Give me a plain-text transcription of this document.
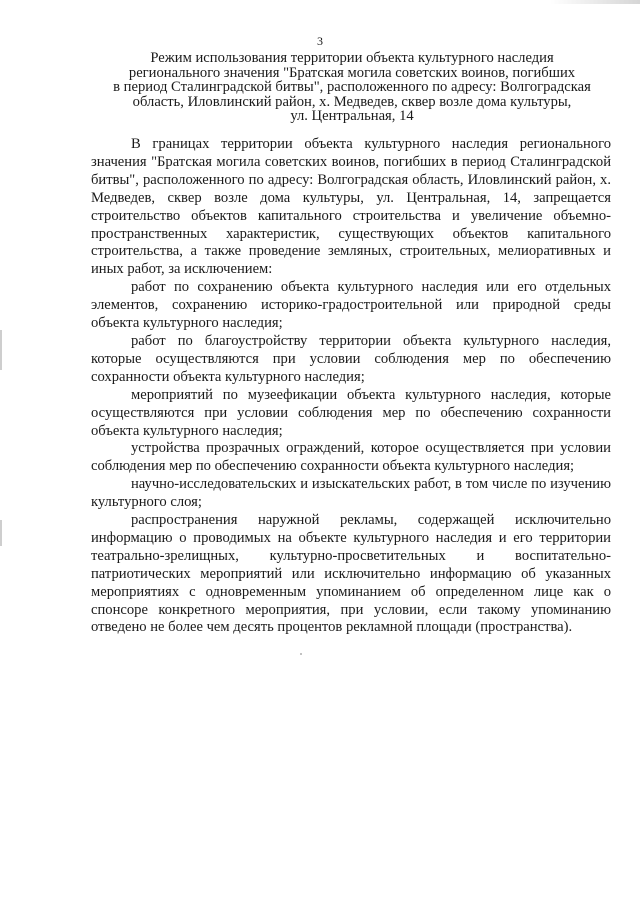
3
Режим использования территории объекта культурного наследия
регионального значения "Братская могила советских воинов, погибших
в период Сталинградской битвы", расположенного по адресу: Волгоградская
область, Иловлинский район, х. Медведев, сквер возле дома культуры,
ул. Центральная, 14

В границах территории объекта культурного наследия регионального значения "Братская могила советских воинов, погибших в период Сталинградской битвы", расположенного по адресу: Волгоградская область, Иловлинский район, х. Медведев, сквер возле дома культуры, ул. Центральная, 14, запрещается строительство объектов капитального строительства и увеличение объемно-пространственных характеристик, существующих объектов капитального строительства, а также проведение земляных, строительных, мелиоративных и иных работ, за исключением:

работ по сохранению объекта культурного наследия или его отдельных элементов, сохранению историко-градостроительной или природной среды объекта культурного наследия;

работ по благоустройству территории объекта культурного наследия, которые осуществляются при условии соблюдения мер по обеспечению сохранности объекта культурного наследия;

мероприятий по музеефикации объекта культурного наследия, которые осуществляются при условии соблюдения мер по обеспечению сохранности объекта культурного наследия;

устройства прозрачных ограждений, которое осуществляется при условии соблюдения мер по обеспечению сохранности объекта культурного наследия;

научно-исследовательских и изыскательских работ, в том числе по изучению культурного слоя;

распространения наружной рекламы, содержащей исключительно информацию о проводимых на объекте культурного наследия и его территории театрально-зрелищных, культурно-просветительных и воспитательно-патриотических мероприятий или исключительно информацию об указанных мероприятиях с одновременным упоминанием об определенном лице как о спонсоре конкретного мероприятия, при условии, если такому упоминанию отведено не более чем десять процентов рекламной площади (пространства).
